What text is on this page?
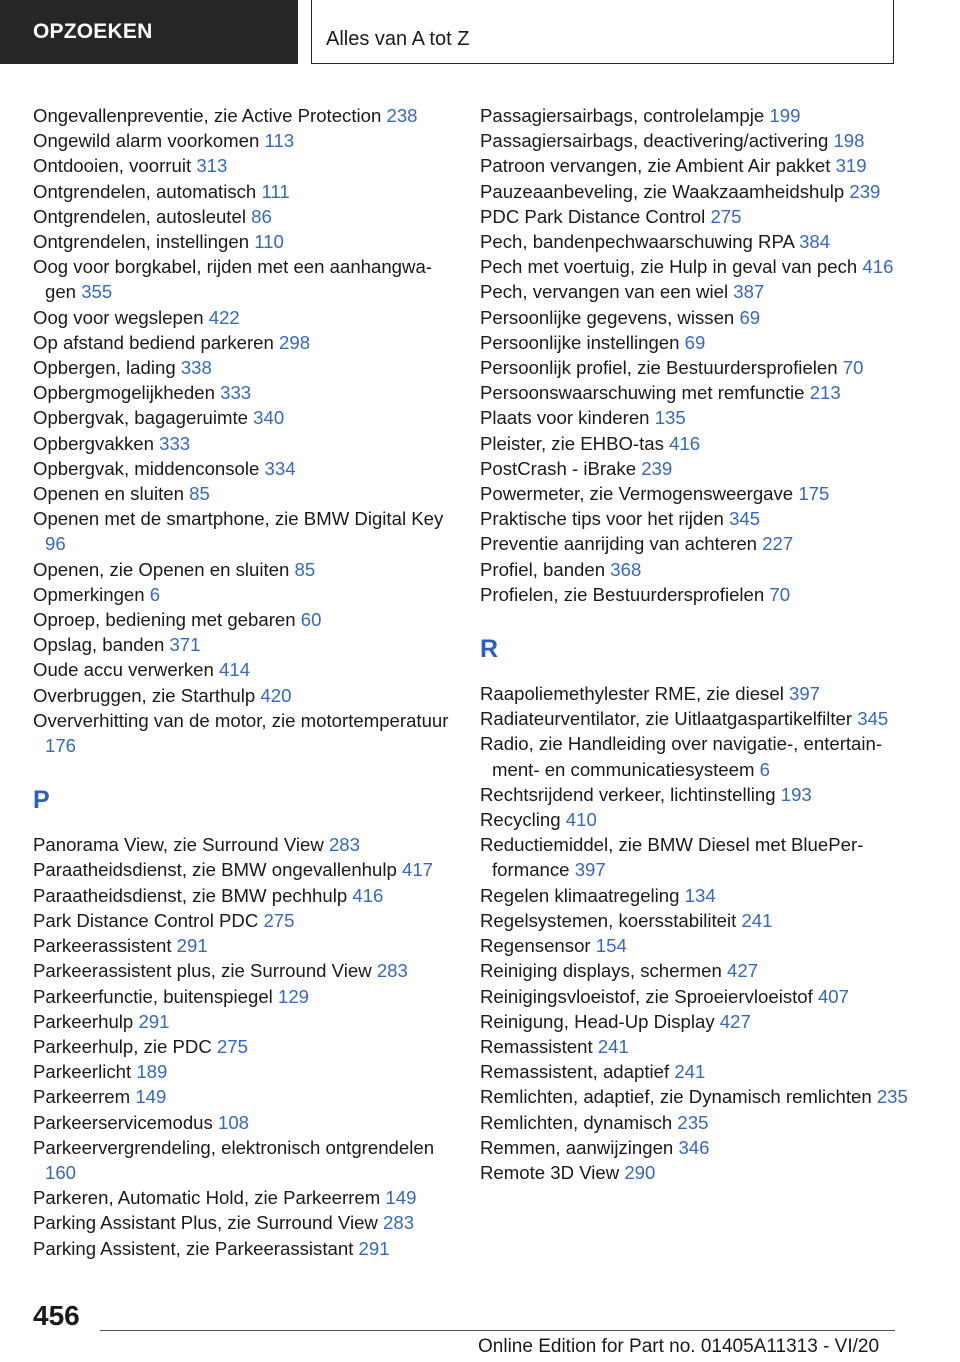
OPZOEKEN	Alles van A tot Z
Ongevallenpreventie, zie Active Protection 238
Ongewild alarm voorkomen 113
Ontdooien, voorruit 313
Ontgrendelen, automatisch 111
Ontgrendelen, autosleutel 86
Ontgrendelen, instellingen 110
Oog voor borgkabel, rijden met een aanhangwagen 355
Oog voor wegslepen 422
Op afstand bediend parkeren 298
Opbergen, lading 338
Opbergmogelijkheden 333
Opbergvak, bagageruimte 340
Opbergvakken 333
Opbergvak, middenconsole 334
Openen en sluiten 85
Openen met de smartphone, zie BMW Digital Key 96
Openen, zie Openen en sluiten 85
Opmerkingen 6
Oproep, bediening met gebaren 60
Opslag, banden 371
Oude accu verwerken 414
Overbruggen, zie Starthulp 420
Oververhitting van de motor, zie motortemperatuur 176
P
Panorama View, zie Surround View 283
Paraatheidsdienst, zie BMW ongevallenhulp 417
Paraatheidsdienst, zie BMW pechhulp 416
Park Distance Control PDC 275
Parkeerassistent 291
Parkeerassistent plus, zie Surround View 283
Parkeerfunctie, buitenspiegel 129
Parkeerhulp 291
Parkeerhulp, zie PDC 275
Parkeerlicht 189
Parkeerrem 149
Parkeerservicemodus 108
Parkeervergrendeling, elektronisch ontgrendelen 160
Parkeren, Automatic Hold, zie Parkeerrem 149
Parking Assistant Plus, zie Surround View 283
Parking Assistent, zie Parkeerassistant 291
Passagiersairbags, controlelampje 199
Passagiersairbags, deactivering/activering 198
Patroon vervangen, zie Ambient Air pakket 319
Pauzeaanbeveling, zie Waakzaamheidshulp 239
PDC Park Distance Control 275
Pech, bandenpechwaarschuwing RPA 384
Pech met voertuig, zie Hulp in geval van pech 416
Pech, vervangen van een wiel 387
Persoonlijke gegevens, wissen 69
Persoonlijke instellingen 69
Persoonlijk profiel, zie Bestuurdersprofielen 70
Persoonswaarschuwing met remfunctie 213
Plaats voor kinderen 135
Pleister, zie EHBO-tas 416
PostCrash - iBrake 239
Powermeter, zie Vermogensweergave 175
Praktische tips voor het rijden 345
Preventie aanrijding van achteren 227
Profiel, banden 368
Profielen, zie Bestuurdersprofielen 70
R
Raapoliemethylester RME, zie diesel 397
Radiateurventilator, zie Uitlaatgaspartikelfilter 345
Radio, zie Handleiding over navigatie-, entertainment- en communicatiesysteem 6
Rechtsrijdend verkeer, lichtinstelling 193
Recycling 410
Reductiemiddel, zie BMW Diesel met BluePerformance 397
Regelen klimaatregeling 134
Regelsystemen, koersstabiliteit 241
Regensensor 154
Reiniging displays, schermen 427
Reinigingsvloeistof, zie Sproeiervloeistof 407
Reinigung, Head-Up Display 427
Remassistent 241
Remassistent, adaptief 241
Remlichten, adaptief, zie Dynamisch remlichten 235
Remlichten, dynamisch 235
Remmen, aanwijzingen 346
Remote 3D View 290
456
Online Edition for Part no. 01405A11313 - VI/20
